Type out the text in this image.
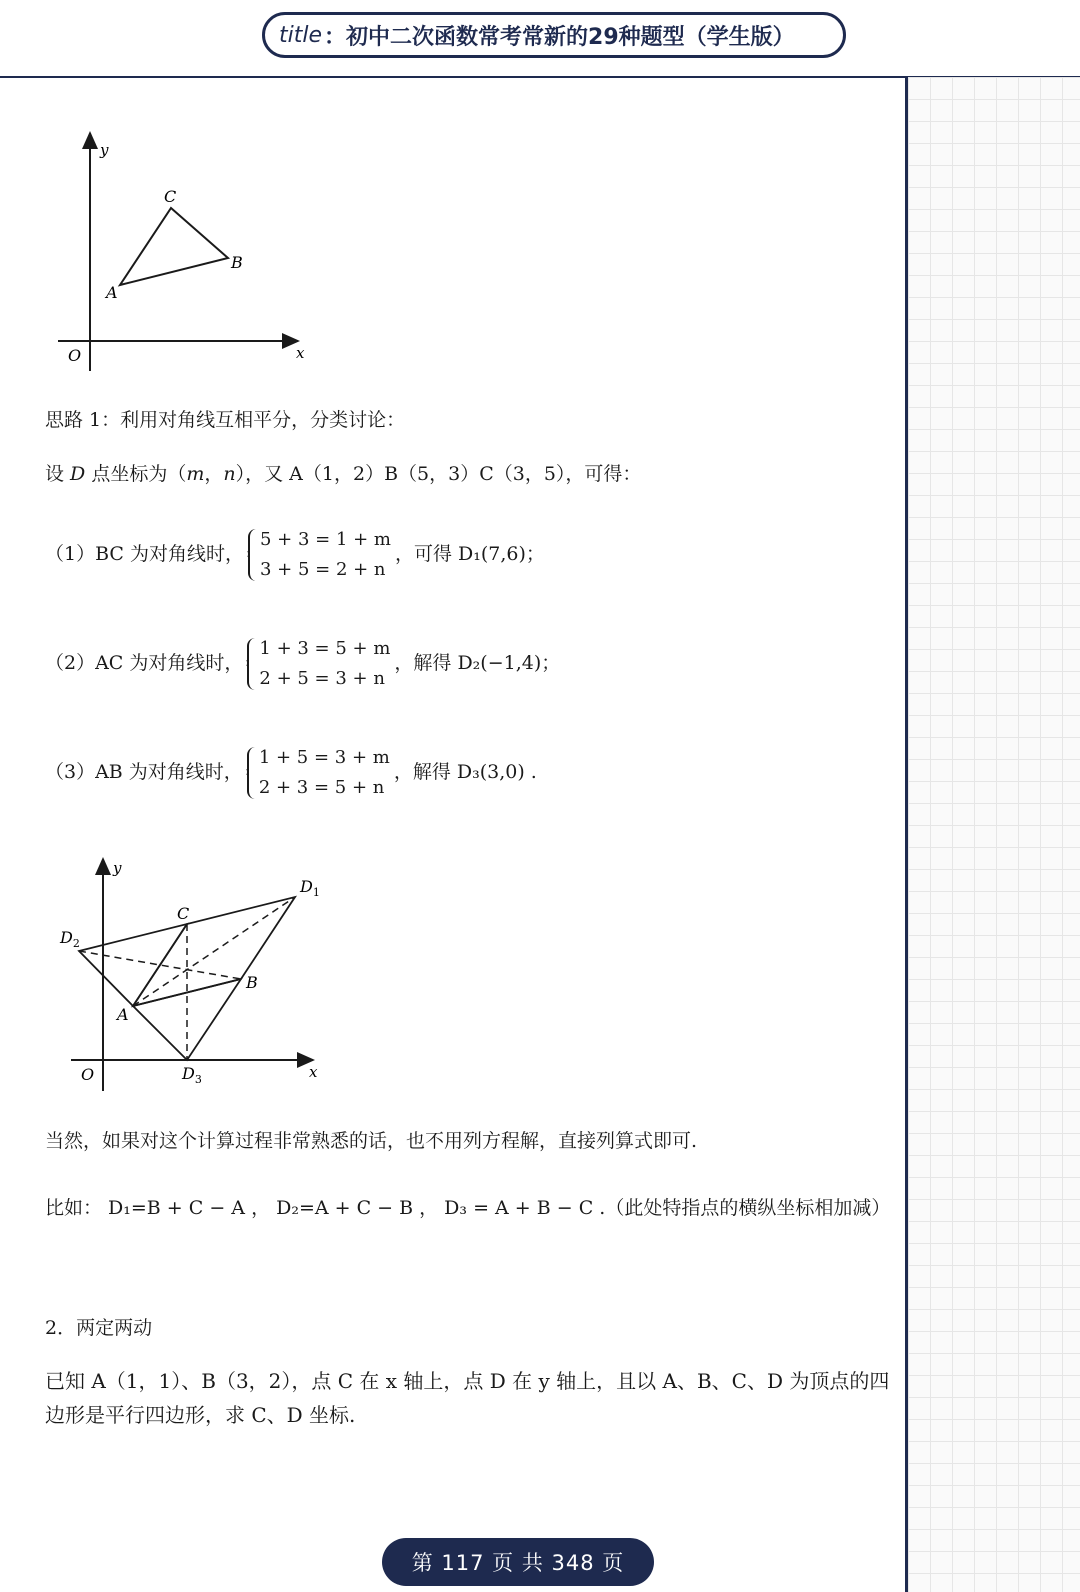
title ：初中二次函数常考常新的29种题型（学生版）
y
x
O
A
B
C
思路 1：利用对角线互相平分，分类讨论：
设 D 点坐标为（m，n），又 A（1，2）B（5，3）C（3，5），可得：
（1）BC 为对角线时，
5 + 3 = 1 + m
3 + 5 = 2 + n
，可得 D₁(7,6)；
（2）AC 为对角线时，
1 + 3 = 5 + m
2 + 5 = 3 + n
，解得 D₂(−1,4)；
（3）AB 为对角线时，
1 + 5 = 3 + m
2 + 3 = 5 + n
，解得 D₃(3,0) .
y
x
O
A
B
C
$D_1$
$D_2$
$D_3$
当然，如果对这个计算过程非常熟悉的话，也不用列方程解，直接列算式即可.
比如： D₁=B + C − A ， D₂=A + C − B ， D₃ = A + B − C .（此处特指点的横纵坐标相加减）
2．两定两动
已知 A（1，1）、B（3，2），点 C 在 x 轴上，点 D 在 y 轴上，且以 A、B、C、D 为顶点的四
边形是平行四边形，求 C、D 坐标.
第 117 页 共 348 页
